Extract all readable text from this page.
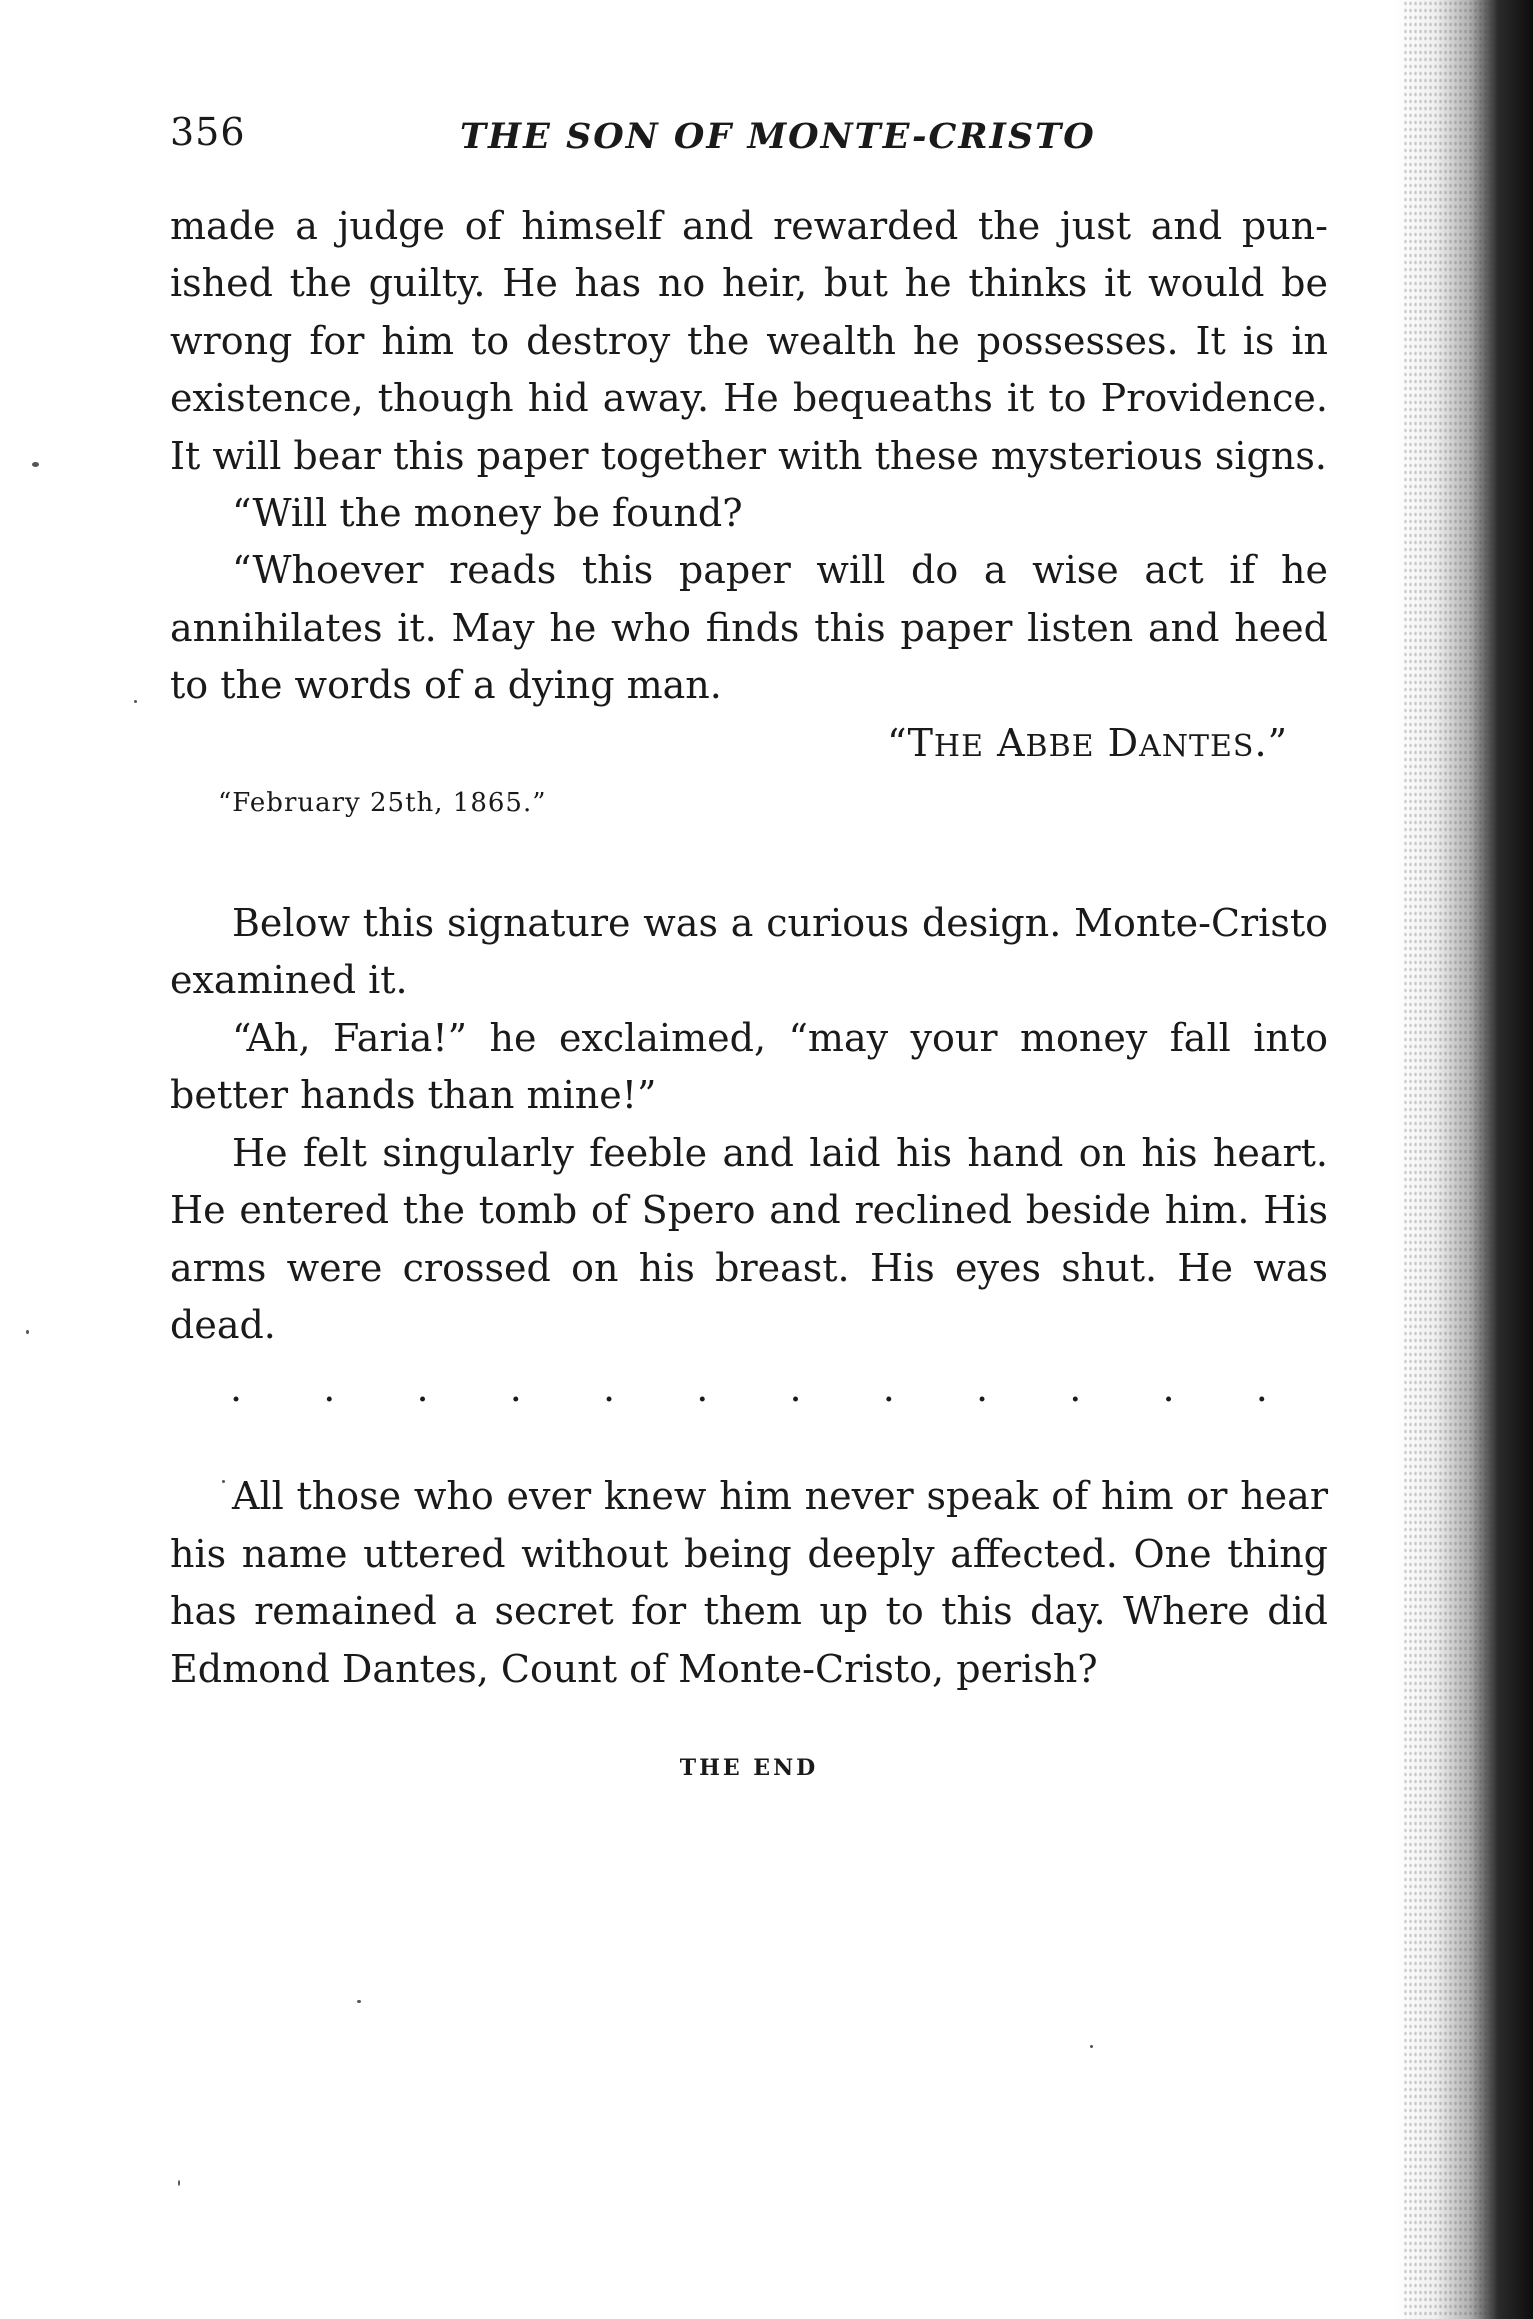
356	THE SON OF MONTE-CRISTO

made a judge of himself and rewarded the just and pun-ished the guilty. He has no heir, but he thinks it would be wrong for him to destroy the wealth he possesses. It is in existence, though hid away. He bequeaths it to Providence. It will bear this paper together with these mysterious signs.

“Will the money be found?

“Whoever reads this paper will do a wise act if he annihilates it. May he who finds this paper listen and heed to the words of a dying man.

“THE ABBE DANTES.”

“February 25th, 1865.”

Below this signature was a curious design. Monte-Cristo examined it.

“Ah, Faria!” he exclaimed, “may your money fall into better hands than mine!”

He felt singularly feeble and laid his hand on his heart. He entered the tomb of Spero and reclined beside him. His arms were crossed on his breast. His eyes shut. He was dead.

. . . . . . . . . . . .

All those who ever knew him never speak of him or hear his name uttered without being deeply affected. One thing has remained a secret for them up to this day. Where did Edmond Dantes, Count of Monte-Cristo, perish?

THE END
